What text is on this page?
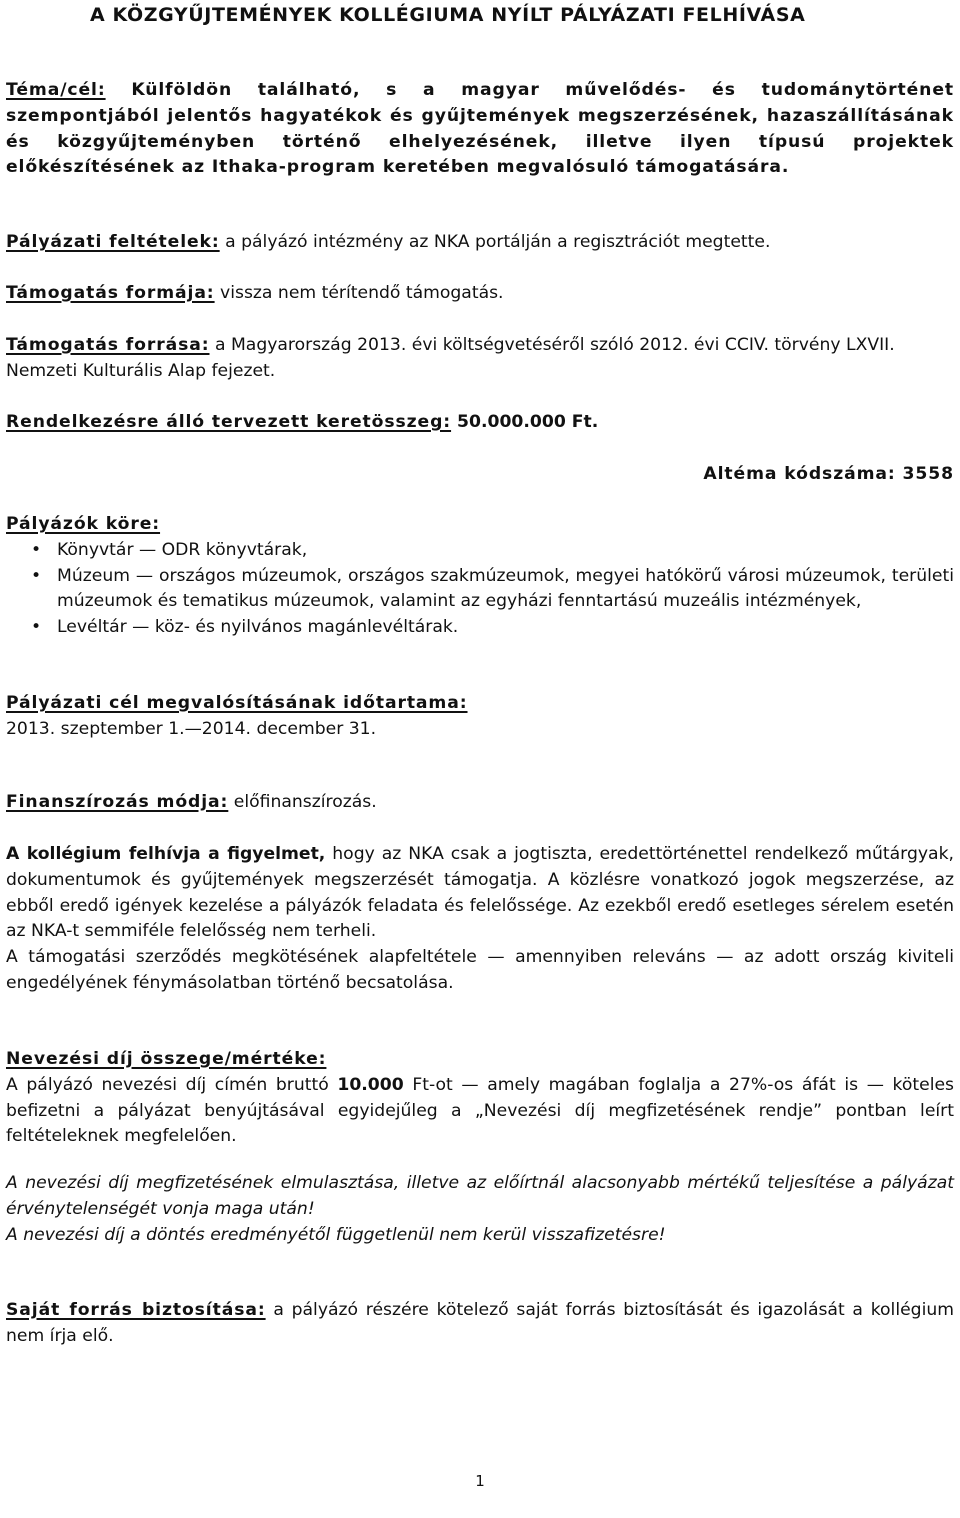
A KÖZGYŰJTEMÉNYEK KOLLÉGIUMA NYÍLT PÁLYÁZATI FELHÍVÁSA
Téma/cél: Külföldön található, s a magyar művelődés- és tudománytörténet szempontjából jelentős hagyatékok és gyűjtemények megszerzésének, hazaszállításának és közgyűjteményben történő elhelyezésének, illetve ilyen típusú projektek előkészítésének az Ithaka-program keretében megvalósuló támogatására.
Pályázati feltételek: a pályázó intézmény az NKA portálján a regisztrációt megtette.
Támogatás formája: vissza nem térítendő támogatás.
Támogatás forrása: a Magyarország 2013. évi költségvetéséről szóló 2012. évi CCIV. törvény LXVII. Nemzeti Kulturális Alap fejezet.
Rendelkezésre álló tervezett keretösszeg: 50.000.000 Ft.
Altéma kódszáma: 3558
Pályázók köre:
• Könyvtár — ODR könyvtárak,
• Múzeum — országos múzeumok, országos szakmúzeumok, megyei hatókörű városi múzeumok, területi múzeumok és tematikus múzeumok, valamint az egyházi fenntartású muzeális intézmények,
• Levéltár — köz- és nyilvános magánlevéltárak.
Pályázati cél megvalósításának időtartama:
2013. szeptember 1.—2014. december 31.
Finanszírozás módja: előfinanszírozás.
A kollégium felhívja a figyelmet, hogy az NKA csak a jogtiszta, eredettörténettel rendelkező műtárgyak, dokumentumok és gyűjtemények megszerzését támogatja. A közlésre vonatkozó jogok megszerzése, az ebből eredő igények kezelése a pályázók feladata és felelőssége. Az ezekből eredő esetleges sérelem esetén az NKA-t semmiféle felelősség nem terheli.
A támogatási szerződés megkötésének alapfeltétele — amennyiben releváns — az adott ország kiviteli engedélyének fénymásolatban történő becsatolása.
Nevezési díj összege/mértéke:
A pályázó nevezési díj címén bruttó 10.000 Ft-ot — amely magában foglalja a 27%-os áfát is — köteles befizetni a pályázat benyújtásával egyidejűleg a „Nevezési díj megfizetésének rendje” pontban leírt feltételeknek megfelelően.
A nevezési díj megfizetésének elmulasztása, illetve az előírtnál alacsonyabb mértékű teljesítése a pályázat érvénytelenségét vonja maga után!
A nevezési díj a döntés eredményétől függetlenül nem kerül visszafizetésre!
Saját forrás biztosítása: a pályázó részére kötelező saját forrás biztosítását és igazolását a kollégium nem írja elő.
1
